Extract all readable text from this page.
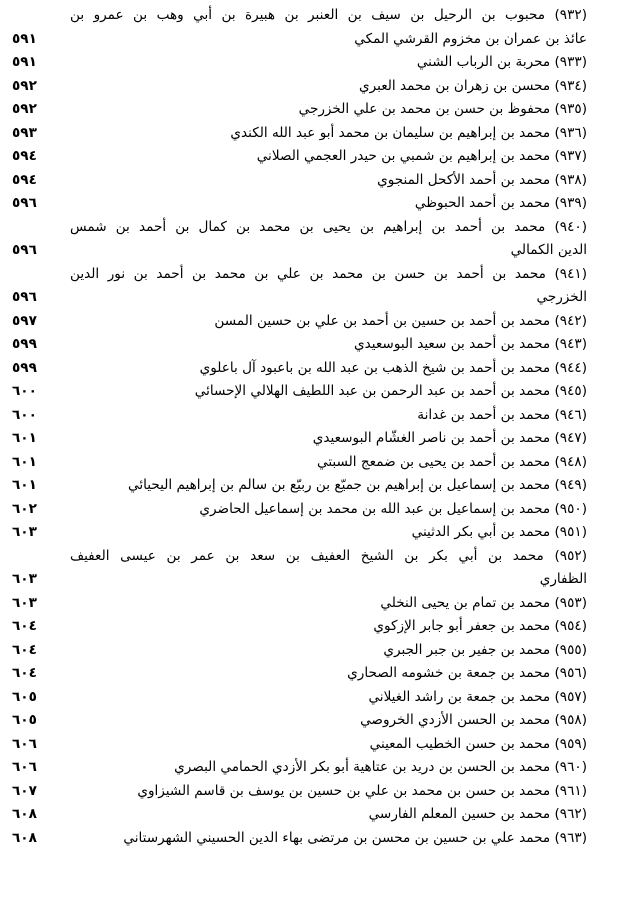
(٩٣٢) محبوب بن الرحيل بن سيف بن العنبر بن هبيرة بن أبي وهب بن عمرو بن
عائذ بن عمران بن مخزوم القرشي المكي
٥٩١
(٩٣٣) محربة بن الرباب الشني
٥٩١
(٩٣٤) محسن بن زهران بن محمد العبري
٥٩٢
(٩٣٥) محفوظ بن حسن بن محمد بن علي الخزرجي
٥٩٢
(٩٣٦) محمد بن إبراهيم بن سليمان بن محمد أبو عبد الله الكندي
٥٩٣
(٩٣٧) محمد بن إبراهيم بن شمبي بن حيدر العجمي الصلاني
٥٩٤
(٩٣٨) محمد بن أحمد الأكحل المنجوي
٥٩٤
(٩٣٩) محمد بن أحمد الحبوظي
٥٩٦
(٩٤٠) محمد بن أحمد بن إبراهيم بن يحيى بن محمد بن كمال بن أحمد بن شمس
الدين الكمالي
٥٩٦
(٩٤١) محمد بن أحمد بن حسن بن محمد بن علي بن محمد بن أحمد بن نور الدين
الخزرجي
٥٩٦
(٩٤٢) محمد بن أحمد بن حسين بن أحمد بن علي بن حسين المسن
٥٩٧
(٩٤٣) محمد بن أحمد بن سعيد البوسعيدي
٥٩٩
(٩٤٤) محمد بن أحمد بن شيخ الذهب بن عبد الله بن باعبود آل باعلوي
٥٩٩
(٩٤٥) محمد بن أحمد بن عبد الرحمن بن عبد اللطيف الهلالي الإحسائي
٦٠٠
(٩٤٦) محمد بن أحمد بن غدانة
٦٠٠
(٩٤٧) محمد بن أحمد بن ناصر الغشّام البوسعيدي
٦٠١
(٩٤٨) محمد بن أحمد بن يحيى بن ضمعج السبتي
٦٠١
(٩٤٩) محمد بن إسماعيل بن إبراهيم بن جميّع بن ربيّع بن سالم بن إبراهيم اليحيائي
٦٠١
(٩٥٠) محمد بن إسماعيل بن عبد الله بن محمد بن إسماعيل الحاضري
٦٠٢
(٩٥١) محمد بن أبي بكر الدثيني
٦٠٣
(٩٥٢) محمد بن أبي بكر بن الشيخ العفيف بن سعد بن عمر بن عيسى العفيف
الظفاري
٦٠٣
(٩٥٣) محمد بن تمام بن يحيى النخلي
٦٠٣
(٩٥٤) محمد بن جعفر أبو جابر الإزكوي
٦٠٤
(٩٥٥) محمد بن جفير بن جبر الجبري
٦٠٤
(٩٥٦) محمد بن جمعة بن خشومه الصحاري
٦٠٤
(٩٥٧) محمد بن جمعة بن راشد الغيلاني
٦٠٥
(٩٥٨) محمد بن الحسن الأزدي الخروصي
٦٠٥
(٩٥٩) محمد بن حسن الخطيب المعيني
٦٠٦
(٩٦٠) محمد بن الحسن بن دريد بن عتاهية أبو بكر الأزدي الحمامي البصري
٦٠٦
(٩٦١) محمد بن حسن بن محمد بن علي بن حسين بن يوسف بن قاسم الشيزاوي
٦٠٧
(٩٦٢) محمد بن حسين المعلم الفارسي
٦٠٨
(٩٦٣) محمد علي بن حسين بن محسن بن مرتضى بهاء الدين الحسيني الشهرستاني
٦٠٨
